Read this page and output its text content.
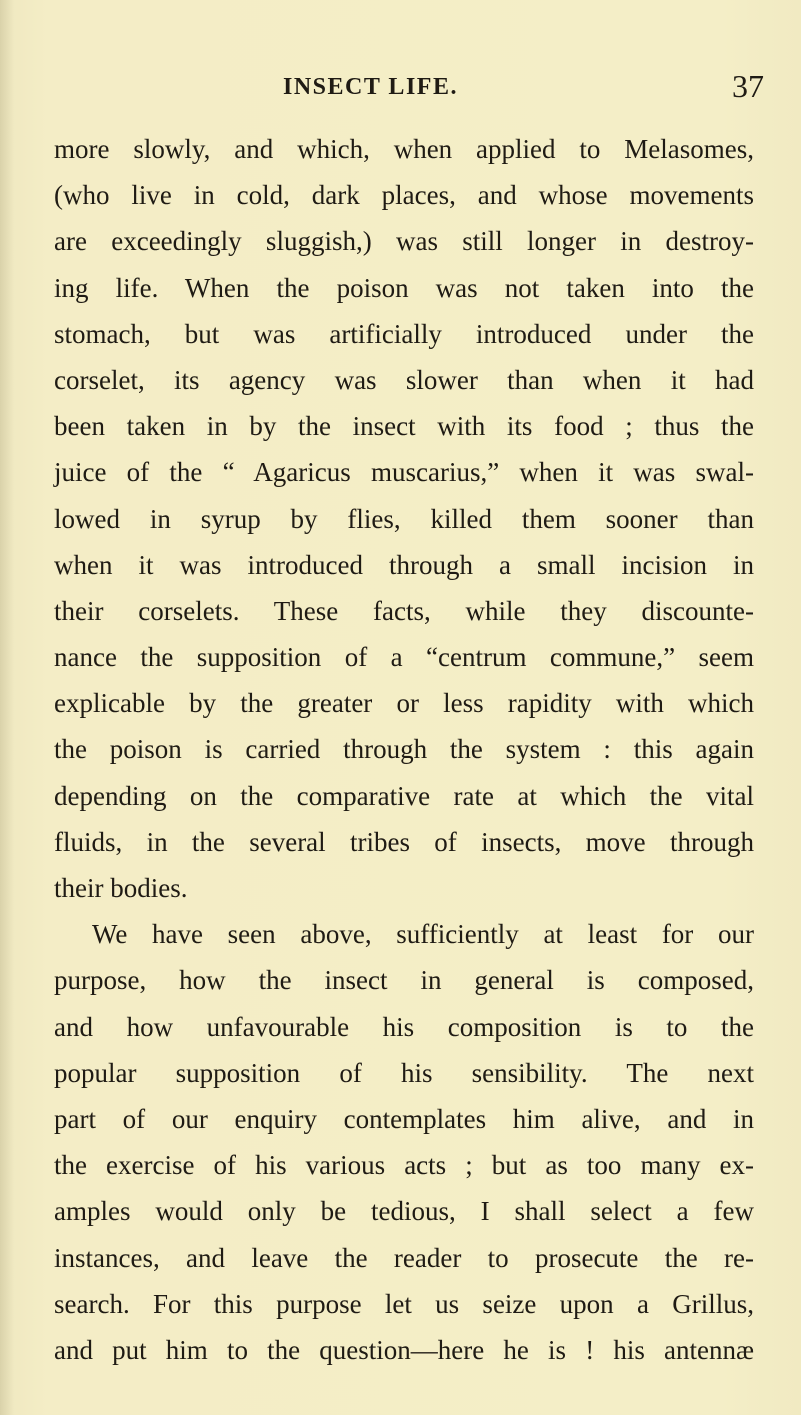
INSECT LIFE.	37
more slowly, and which, when applied to Melasomes,
(who live in cold, dark places, and whose movements
are exceedingly sluggish,) was still longer in destroy-
ing life. When the poison was not taken into the
stomach, but was artificially introduced under the
corselet, its agency was slower than when it had
been taken in by the insect with its food ; thus the
juice of the “ Agaricus muscarius,” when it was swal-
lowed in syrup by flies, killed them sooner than
when it was introduced through a small incision in
their corselets. These facts, while they discounte-
nance the supposition of a “centrum commune,” seem
explicable by the greater or less rapidity with which
the poison is carried through the system : this again
depending on the comparative rate at which the vital
fluids, in the several tribes of insects, move through
their bodies.
We have seen above, sufficiently at least for our
purpose, how the insect in general is composed,
and how unfavourable his composition is to the
popular supposition of his sensibility. The next
part of our enquiry contemplates him alive, and in
the exercise of his various acts ; but as too many ex-
amples would only be tedious, I shall select a few
instances, and leave the reader to prosecute the re-
search. For this purpose let us seize upon a Grillus,
and put him to the question—here he is ! his antennæ
